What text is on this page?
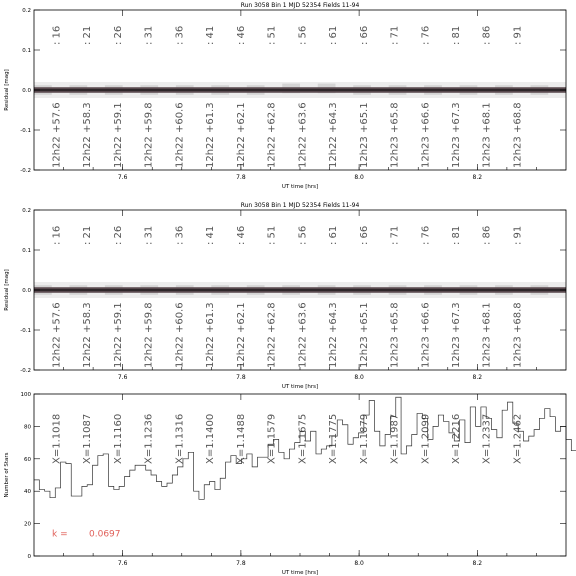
Run 3058 Bin 1 MJD 52354 Fields 11-94
: 16
12h22 +57.6
: 21
12h22 +58.3
: 26
12h22 +59.1
: 31
12h22 +59.8
: 36
12h22 +60.6
: 41
12h22 +61.3
: 46
12h22 +62.1
: 51
12h22 +62.8
: 56
12h22 +63.6
: 61
12h22 +64.3
: 66
12h23 +65.1
: 71
12h23 +65.8
: 76
12h23 +66.6
: 81
12h23 +67.3
: 86
12h23 +68.1
: 91
12h23 +68.8
7.6	7.8	8.0	8.2
-0.2
-0.1
0.0
0.1
0.2
UT time [hrs]
Residual [mag]
Run 3058 Bin 1 MJD 52354 Fields 11-94
: 16
12h22 +57.6
: 21
12h22 +58.3
: 26
12h22 +59.1
: 31
12h22 +59.8
: 36
12h22 +60.6
: 41
12h22 +61.3
: 46
12h22 +62.1
: 51
12h22 +62.8
: 56
12h22 +63.6
: 61
12h22 +64.3
: 66
12h23 +65.1
: 71
12h23 +65.8
: 76
12h23 +66.6
: 81
12h23 +67.3
: 86
12h23 +68.1
: 91
12h23 +68.8
7.6	7.8	8.0	8.2
-0.2
-0.1
0.0
0.1
0.2
UT time [hrs]
Residual [mag]
X=1.1018 X=1.1087 X=1.1160 X=1.1236 X=1.1316 X=1.1400 X=1.1488 X=1.1579 X=1.1675 X=1.1775 X=1.1879 X=1.1987 X=1.2099 X=1.2216 X=1.2337 X=1.2462
k = 0.0697
7.6	7.8	8.0	8.2
0
20
40
60
80
100
UT time [hrs]
Number of Stars
